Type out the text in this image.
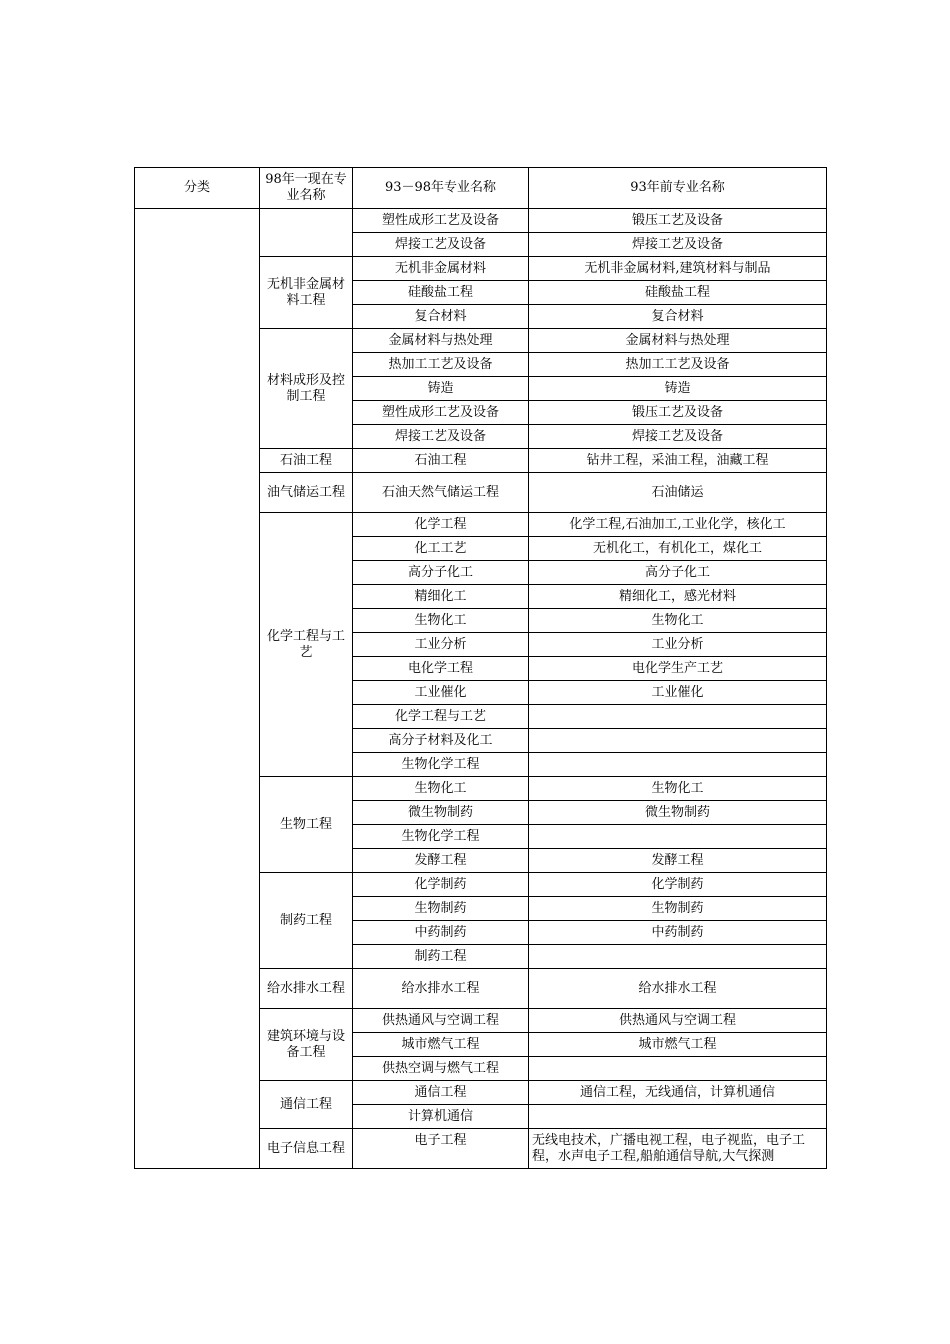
分类	98年一现在专业名称	93－98年专业名称	93年前专业名称
		塑性成形工艺及设备	锻压工艺及设备
		焊接工艺及设备	焊接工艺及设备
	无机非金属材料工程	无机非金属材料	无机非金属材料,建筑材料与制品
		硅酸盐工程	硅酸盐工程
		复合材料	复合材料
	材料成形及控制工程	金属材料与热处理	金属材料与热处理
		热加工工艺及设备	热加工工艺及设备
		铸造	铸造
		塑性成形工艺及设备	锻压工艺及设备
		焊接工艺及设备	焊接工艺及设备
	石油工程	石油工程	钻井工程，采油工程，油藏工程
	油气储运工程	石油天然气储运工程	石油储运
	化学工程与工艺	化学工程	化学工程,石油加工,工业化学，核化工
		化工工艺	无机化工，有机化工，煤化工
		高分子化工	高分子化工
		精细化工	精细化工，感光材料
		生物化工	生物化工
		工业分析	工业分析
		电化学工程	电化学生产工艺
		工业催化	工业催化
		化学工程与工艺	
		高分子材料及化工	
		生物化学工程	
	生物工程	生物化工	生物化工
		微生物制药	微生物制药
		生物化学工程	
		发酵工程	发酵工程
	制药工程	化学制药	化学制药
		生物制药	生物制药
		中药制药	中药制药
		制药工程	
	给水排水工程	给水排水工程	给水排水工程
	建筑环境与设备工程	供热通风与空调工程	供热通风与空调工程
		城市燃气工程	城市燃气工程
		供热空调与燃气工程	
	通信工程	通信工程	通信工程，无线通信，计算机通信
		计算机通信	
	电子信息工程	电子工程	无线电技术，广播电视工程，电子视监，电子工程，水声电子工程,船舶通信导航,大气探测
